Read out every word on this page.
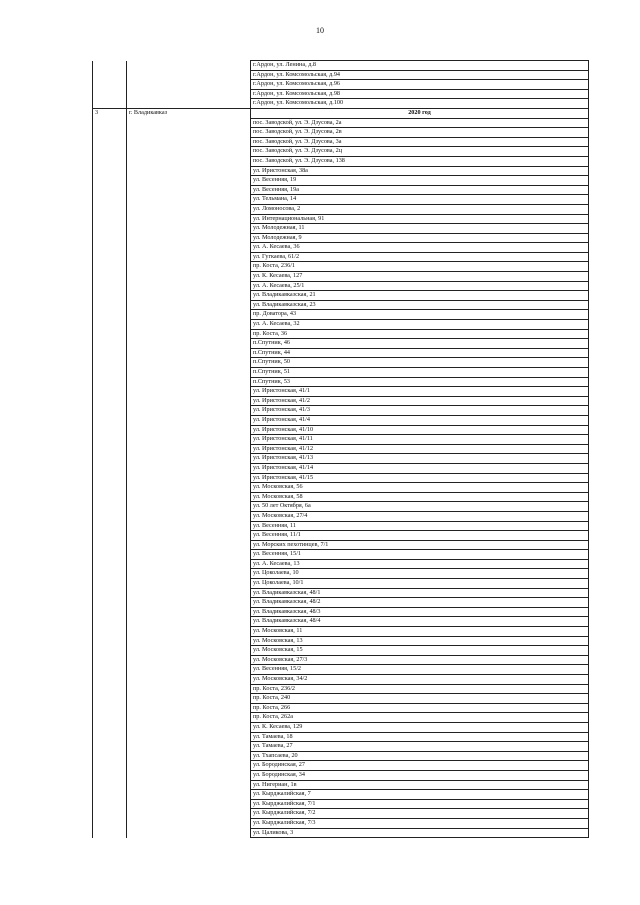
10
		г.Ардон, ул. Ленина, д.8	
		г.Ардон, ул. Комсомольская, д.94	
		г.Ардон, ул. Комсомольская, д.96	
		г.Ардон, ул. Комсомольская, д.98	
		г.Ардон, ул. Комсомольская, д.100	
3	г. Владикавказ	2020 год	
		пос. Заводской, ул. Э. Дзусова, 2а	
		пос. Заводской, ул. Э. Дзусова, 2в	
		пос. Заводской, ул. Э. Дзусова, 3а	
		пос. Заводской, ул. Э. Дзусова, 2ц	
		пос. Заводской, ул. Э. Дзусова, 138	
		ул. Иристонская, 38а	
		ул. Весенняя, 19	
		ул. Весенняя, 19а	
		ул. Тельмана, 14	
		ул. Ломоносова, 2	
		ул. Интернациональная, 91	
		ул. Молодежная, 11	
		ул. Молодежная, 9	
		ул. А. Кесаева, 36	
		ул. Гугкаева, 61/2	
		пр. Коста, 236/1	
		ул. К. Кесаева, 127	
		ул. А. Кесаева, 25/1	
		ул. Владикавказская, 21	
		ул. Владикавказская, 23	
		пр. Доватора, 43	
		ул. А. Кесаева, 32	
		пр. Коста, 36	
		п.Спутник, 46	
		п.Спутник, 44	
		п.Спутник, 50	
		п.Спутник, 51	
		п.Спутник, 53	
		ул. Иристонская, 41/1	
		ул. Иристонская, 41/2	
		ул. Иристонская, 41/3	
		ул. Иристонская, 41/4	
		ул. Иристонская, 41/10	
		ул. Иристонская, 41/11	
		ул. Иристонская, 41/12	
		ул. Иристонская, 41/13	
		ул. Иристонская, 41/14	
		ул. Иристонская, 41/15	
		ул. Московская, 56	
		ул. Московская, 58	
		ул. 50 лет Октября, 6а	
		ул. Московская, 27/4	
		ул. Весенняя, 11	
		ул. Весенняя, 11/1	
		ул. Морских пехотинцев, 7/1	
		ул. Весенняя, 15/1	
		ул. А. Кесаева, 13	
		ул. Цоколаева, 10	
		ул. Цоколаева, 10/1	
		ул. Владикавказская, 48/1	
		ул. Владикавказская, 48/2	
		ул. Владикавказская, 48/3	
		ул. Владикавказская, 48/4	
		ул. Московская, 11	
		ул. Московская, 13	
		ул. Московская, 15	
		ул. Московская, 27/3	
		ул. Весенняя, 15/2	
		ул. Московская, 34/2	
		пр. Коста, 236/2	
		пр. Коста, 240	
		пр. Коста, 266	
		пр. Коста, 262а	
		ул. К. Кесаева, 129	
		ул. Тамаева, 18	
		ул. Тамаева, 27	
		ул. Тхапсаева, 20	
		ул. Бородинская, 27	
		ул. Бородинская, 34	
		ул. Нигериан, 1в	
		ул. Кырджалийская, 7	
		ул. Кырджалийская, 7/1	
		ул. Кырджалийская, 7/2	
		ул. Кырджалийская, 7/3	
		ул. Цаликова, 3	
